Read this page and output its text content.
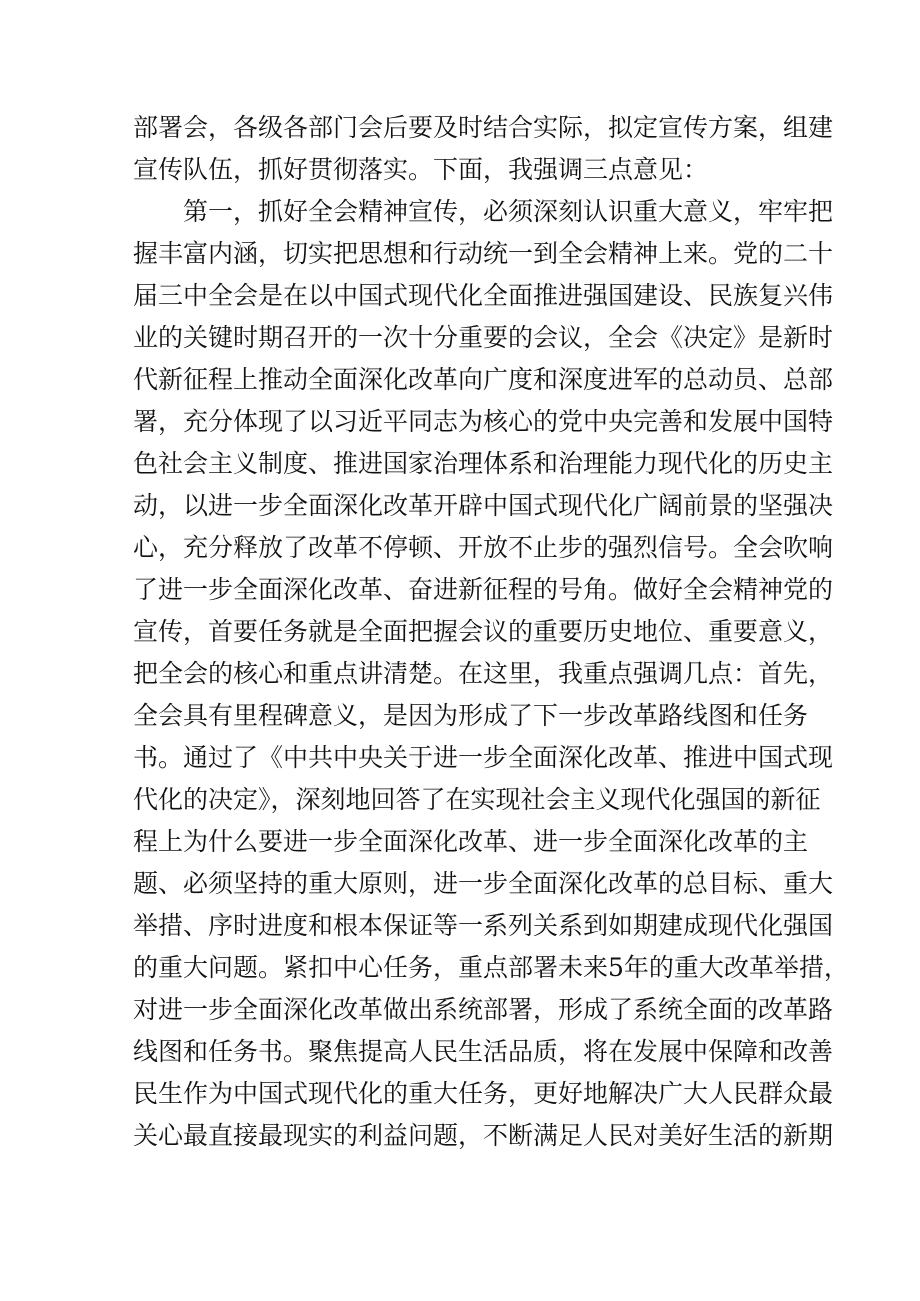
部署会，各级各部门会后要及时结合实际，拟定宣传方案，组建
宣传队伍，抓好贯彻落实。下面，我强调三点意见：
第一，抓好全会精神宣传，必须深刻认识重大意义，牢牢把
握丰富内涵，切实把思想和行动统一到全会精神上来。党的二十
届三中全会是在以中国式现代化全面推进强国建设、民族复兴伟
业的关键时期召开的一次十分重要的会议，全会《决定》是新时
代新征程上推动全面深化改革向广度和深度进军的总动员、总部
署，充分体现了以习近平同志为核心的党中央完善和发展中国特
色社会主义制度、推进国家治理体系和治理能力现代化的历史主
动，以进一步全面深化改革开辟中国式现代化广阔前景的坚强决
心，充分释放了改革不停顿、开放不止步的强烈信号。全会吹响
了进一步全面深化改革、奋进新征程的号角。做好全会精神党的
宣传，首要任务就是全面把握会议的重要历史地位、重要意义，
把全会的核心和重点讲清楚。在这里，我重点强调几点：首先，
全会具有里程碑意义，是因为形成了下一步改革路线图和任务
书。通过了《中共中央关于进一步全面深化改革、推进中国式现
代化的决定》，深刻地回答了在实现社会主义现代化强国的新征
程上为什么要进一步全面深化改革、进一步全面深化改革的主
题、必须坚持的重大原则，进一步全面深化改革的总目标、重大
举措、序时进度和根本保证等一系列关系到如期建成现代化强国
的重大问题。紧扣中心任务，重点部署未来5年的重大改革举措，
对进一步全面深化改革做出系统部署，形成了系统全面的改革路
线图和任务书。聚焦提高人民生活品质，将在发展中保障和改善
民生作为中国式现代化的重大任务，更好地解决广大人民群众最
关心最直接最现实的利益问题，不断满足人民对美好生活的新期
